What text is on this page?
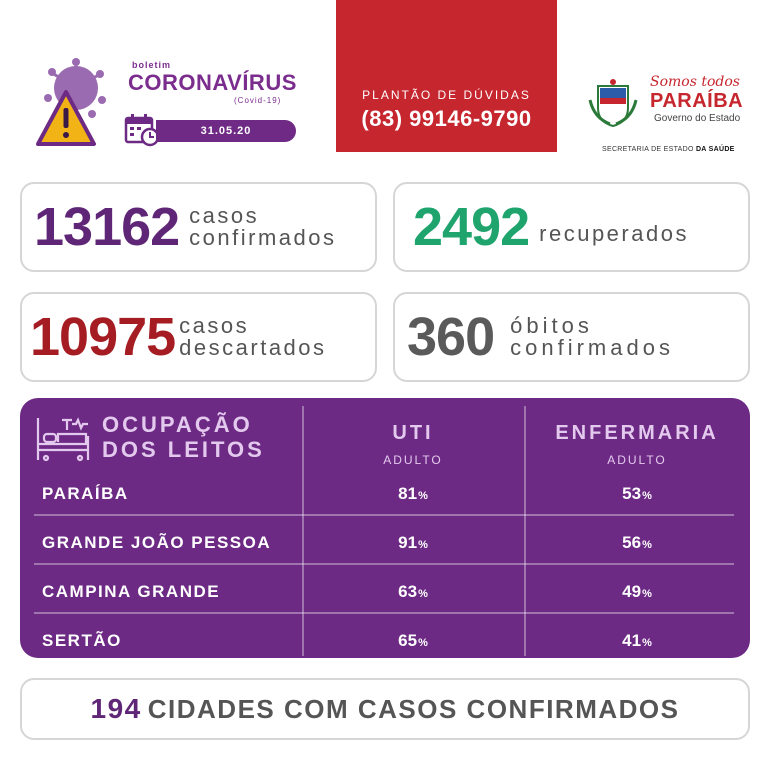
boletim
CORONAVÍRUS
(Covid-19)
31.05.20
PLANTÃO DE DÚVIDAS
(83) 99146-9790
Somos todos
PARAÍBA
Governo do Estado
SECRETARIA DE ESTADO DA SAÚDE
13162 casos
confirmados 2492 recuperados
10975 casos
descartados 360 óbitos
confirmados
OCUPAÇÃO
DOS LEITOS
UTI
ADULTO
ENFERMARIA
ADULTO
PARAÍBA	81%	53%
GRANDE JOÃO PESSOA	91%	56%
CAMPINA GRANDE	63%	49%
SERTÃO	65%	41%
194 CIDADES COM CASOS CONFIRMADOS
